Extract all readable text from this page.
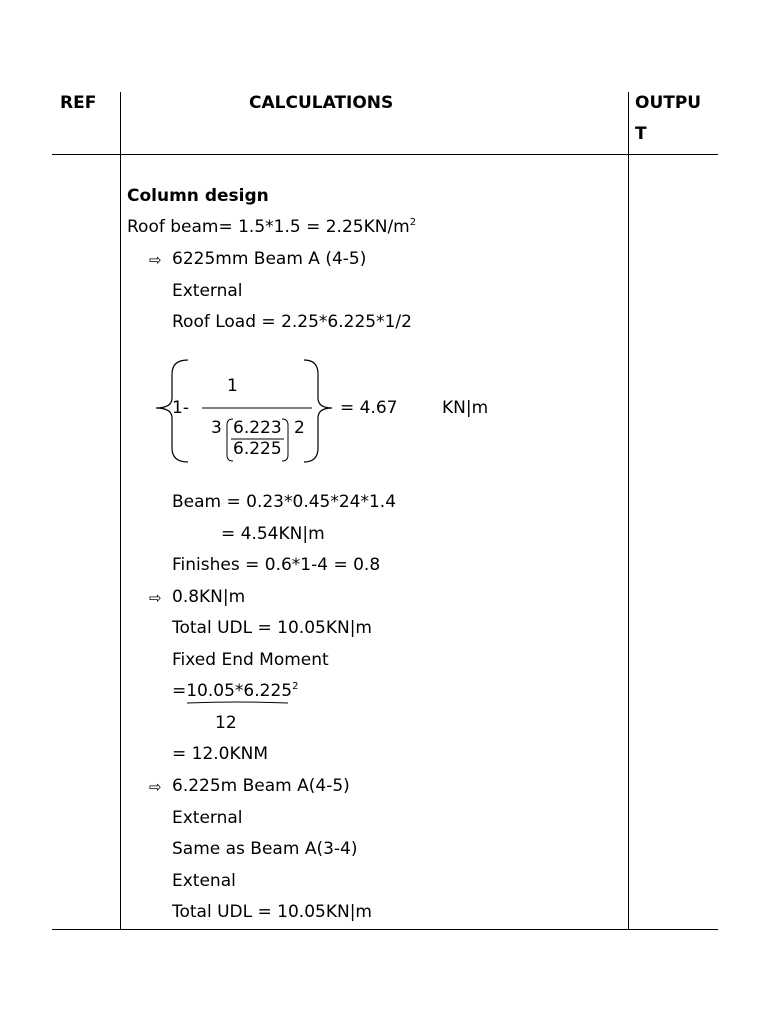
REF	CALCULATIONS	OUTPU
T
Column design
Roof beam= $1.5*1.5 = 2.25KN/m^2$
⇨ 6225mm Beam A (4-5)
External
Roof Load = 2.25*6.225*1/2
1
1-
3 6.223
6.225
2
= 4.67	KN|m
Beam = 0.23*0.45*24*1.4
= 4.54KN|m
Finishes = 0.6*1-4 = 0.8
⇨ 0.8KN|m
Total UDL = 10.05KN|m
Fixed End Moment
$=10.05*6.225^2$
12
= 12.0KNM
⇨ 6.225m Beam A(4-5)
External
Same as Beam A(3-4)
Extenal
Total UDL = 10.05KN|m
